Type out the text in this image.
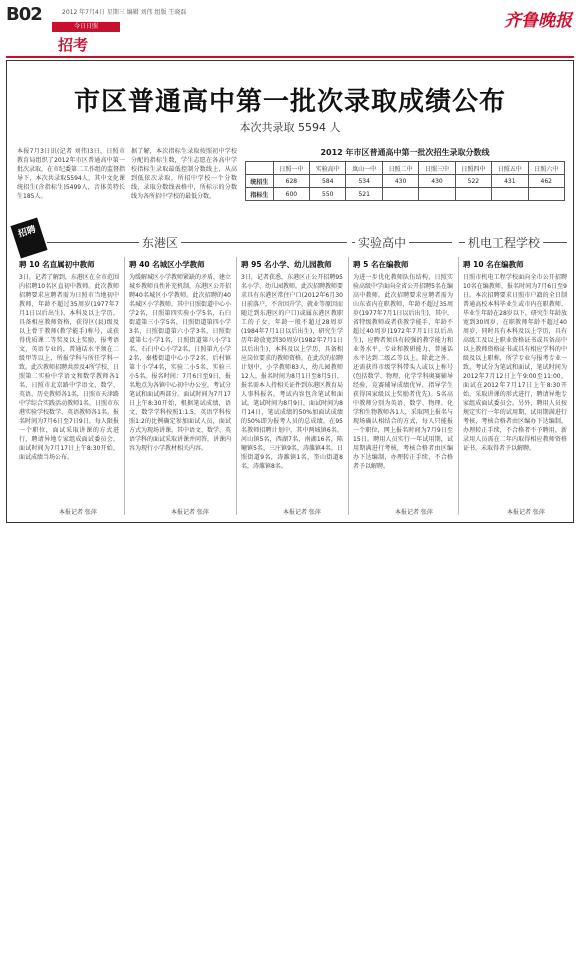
B02	2012 年7月4日 星期三 编辑 刘伟 组版 王晓磊
今日日照
招考
齐鲁晚报
市区普通高中第一批次录取成绩公布
本次共录取 5594 人
本报7月3日讯(记者 刘伟)3日，日照市教育局组织了2012年市区普通高中第一批次录取，在市纪委第二工作组的监督指导下，本次共录取5594人，其中文化课统招生(含指标生)5499人，音体美特长生185人。
据了解，本次指标生录取按照初中学校分配的指标生数，学生志愿在各高中学校指标生录取最低控制分数线上，从高到低依次录取，所招中学校一个分数线，录取分数线表格中，所标示的分数线为各所招中学校的最低分数。
2012 年市区普通高中第一批次招生录取分数线
	日照一中	实验高中	岚山一中	日照二中	日照三中	日照四中	日照五中	日照六中
统招生	628	584	534	430	430	522	431	462
指标生	600	550	521					
招聘
东港区	实验高中	机电工程学校
聘 10 名直属初中教师
3日，记者了解到，东港区在全市范围内招聘10名区直初中教师。此次教师招聘要求应聘者需为日照市当地初中教师，年龄不超过35周岁(1977年7月1日以后出生)，本科及以上学历，具备相应教师资格，获得区(县)级及以上骨干教师(教学能手)称号，或获得优质课二等奖及以上奖励，报考语文、英语专业的，普通话水平须在二级甲等以上，所报学科与所任学科一致。此次教师招聘共涉及4所学校，日照第二实验中学语文和数学教师各1名，日照市北京路中学语文、数学、英语、历史教师各1名，日照市天津路中学综合实践活动教师1名，日照市东港实验学校数学、英语教师各1名。报名时间为7月6日至7日9日，每人限报一个职位，面试采取讲课的方式进行，聘请异地专家组成面试委员会，面试时间为7月17日上午8:30开始，面试成绩当场公布。
本报记者 张萍
聘 40 名城区小学教师
为缓解城区小学教师紧缺的矛盾，建立城乡教师良性补充机制，东港区公开招聘40名城区小学教师。此次招聘的40名城区小学教师，其中日照街道中心小学2名，日照第四实验小学5名，石臼街道第三小学5名，日照街道第四小学3名，日照街道第六小学3名，日照街道第七小学1名，日照街道第八小学1名，石臼中心小学2名，日照第九小学2名，秦楼街道中心小学2名，后村镇第十小学4名，实验二小5名，实验三小5名。报名时间：7月6日至9日，报名地点为各镇中心初中办公室，考试分笔试和面试两部分。面试时间为7月17日上午8:30开始，根据笔试成绩，语文、数学学科按照1:1.5，英语学科按照1:2的比例确定参加面试人员，面试方式为现场讲课，其中语文、数学、英语学科的面试采取讲课并问答，讲课内容为现行小学教材相关内容。
本报记者 张萍
聘 95 名小学、幼儿园教师
3日，记者获悉，东港区正公开招聘95名小学、幼儿园教师。此次招聘教师要求具有东港区常住户口(2012年6月30日前落户，不含因升学、就业等原因而随迁到东港区的户口)或属东港区教职工的子女，年龄一般不超过28周岁(1984年7月1日以后出生)，研究生学历年龄放宽到30周岁(1982年7月1日以后出生)，本科及以上学历，具备相应岗位要求的教师资格。在此次的招聘计划中，小学教师83人，幼儿园教师12人。报名时间为8月1日至8月5日，报名需本人持相关证件到东港区教育局人事科报名。考试内容包含笔试和面试，笔试时间为8月9日，面试时间为8月14日，笔试成绩的50%加面试成绩的50%即为报考人员的总成绩。在95名教师招聘计划中，其中两城镇6名，河山镇5名，西湖7名，南湖16名，陈疃镇5名，三庄镇9名，涛雒镇4名，日照街道9名，涛雒镇1名，奎山街道8名，涛雒镇8名。
本报记者 张萍
聘 5 名在编教师
为进一步优化教师队伍结构，日照实验高级中学面向全省公开招聘5名在编高中教师。此次招聘要求应聘者需为山东省内在职教师，年龄不超过35周岁(1977年7月1日以后出生)，其中，省特级教师或者获教学能手，年龄不超过40周岁(1972年7月1日以后出生)，应聘者须具有较强的教学能力和业务水平，专业和教研能力，普通话水平达到二级乙等以上。除此之外，还需获得市级学科带头人或以上称号(包括数学、物理、化学学科奥赛辅导经验，竞赛辅导成绩优异，指导学生获得国家级以上奖励者优先)。5名高中教师分别为英语、数学、物理、化学和生物教师各1人，采取网上报名与现场确认相结合的方式，每人只能报一个职位，网上报名时间为7月9日至15日。聘用人员实行一年试用期，试用期满进行考核，考核合格者由区编办下达编制，办理转正手续，不合格者予以解聘。
本报记者 张萍
聘 10 名在编教师
日照市机电工程学校面向全市公开招聘10名在编教师，报名时间为7月6日至9日。本次招聘要求日照市户籍的全日制普通高校本科毕业生或市内在职教师，毕业生年龄在28岁以下，研究生年龄放宽到30周岁，在职教师年龄不超过40周岁，同时具有本科及以上学历，具有高级工及以上职业资格证书或具备高中以上教师资格证书或具有相应学科的中级及以上职称，所学专业与报考专业一致。考试分为笔试和面试，笔试时间为2012年7月12日上午9:00至11:00，面试在2012年7月17日上午8:30开始，采取讲课的形式进行，聘请异地专家组成面试委员会。另外，聘用人员按规定实行一年的试用期，试用期满进行考核，考核合格者由区编办下达编制，办理转正手续，不合格者不予聘用，新录用人员需在二年内取得相应教师资格证书，未取得者予以解聘。
本报记者 张萍
